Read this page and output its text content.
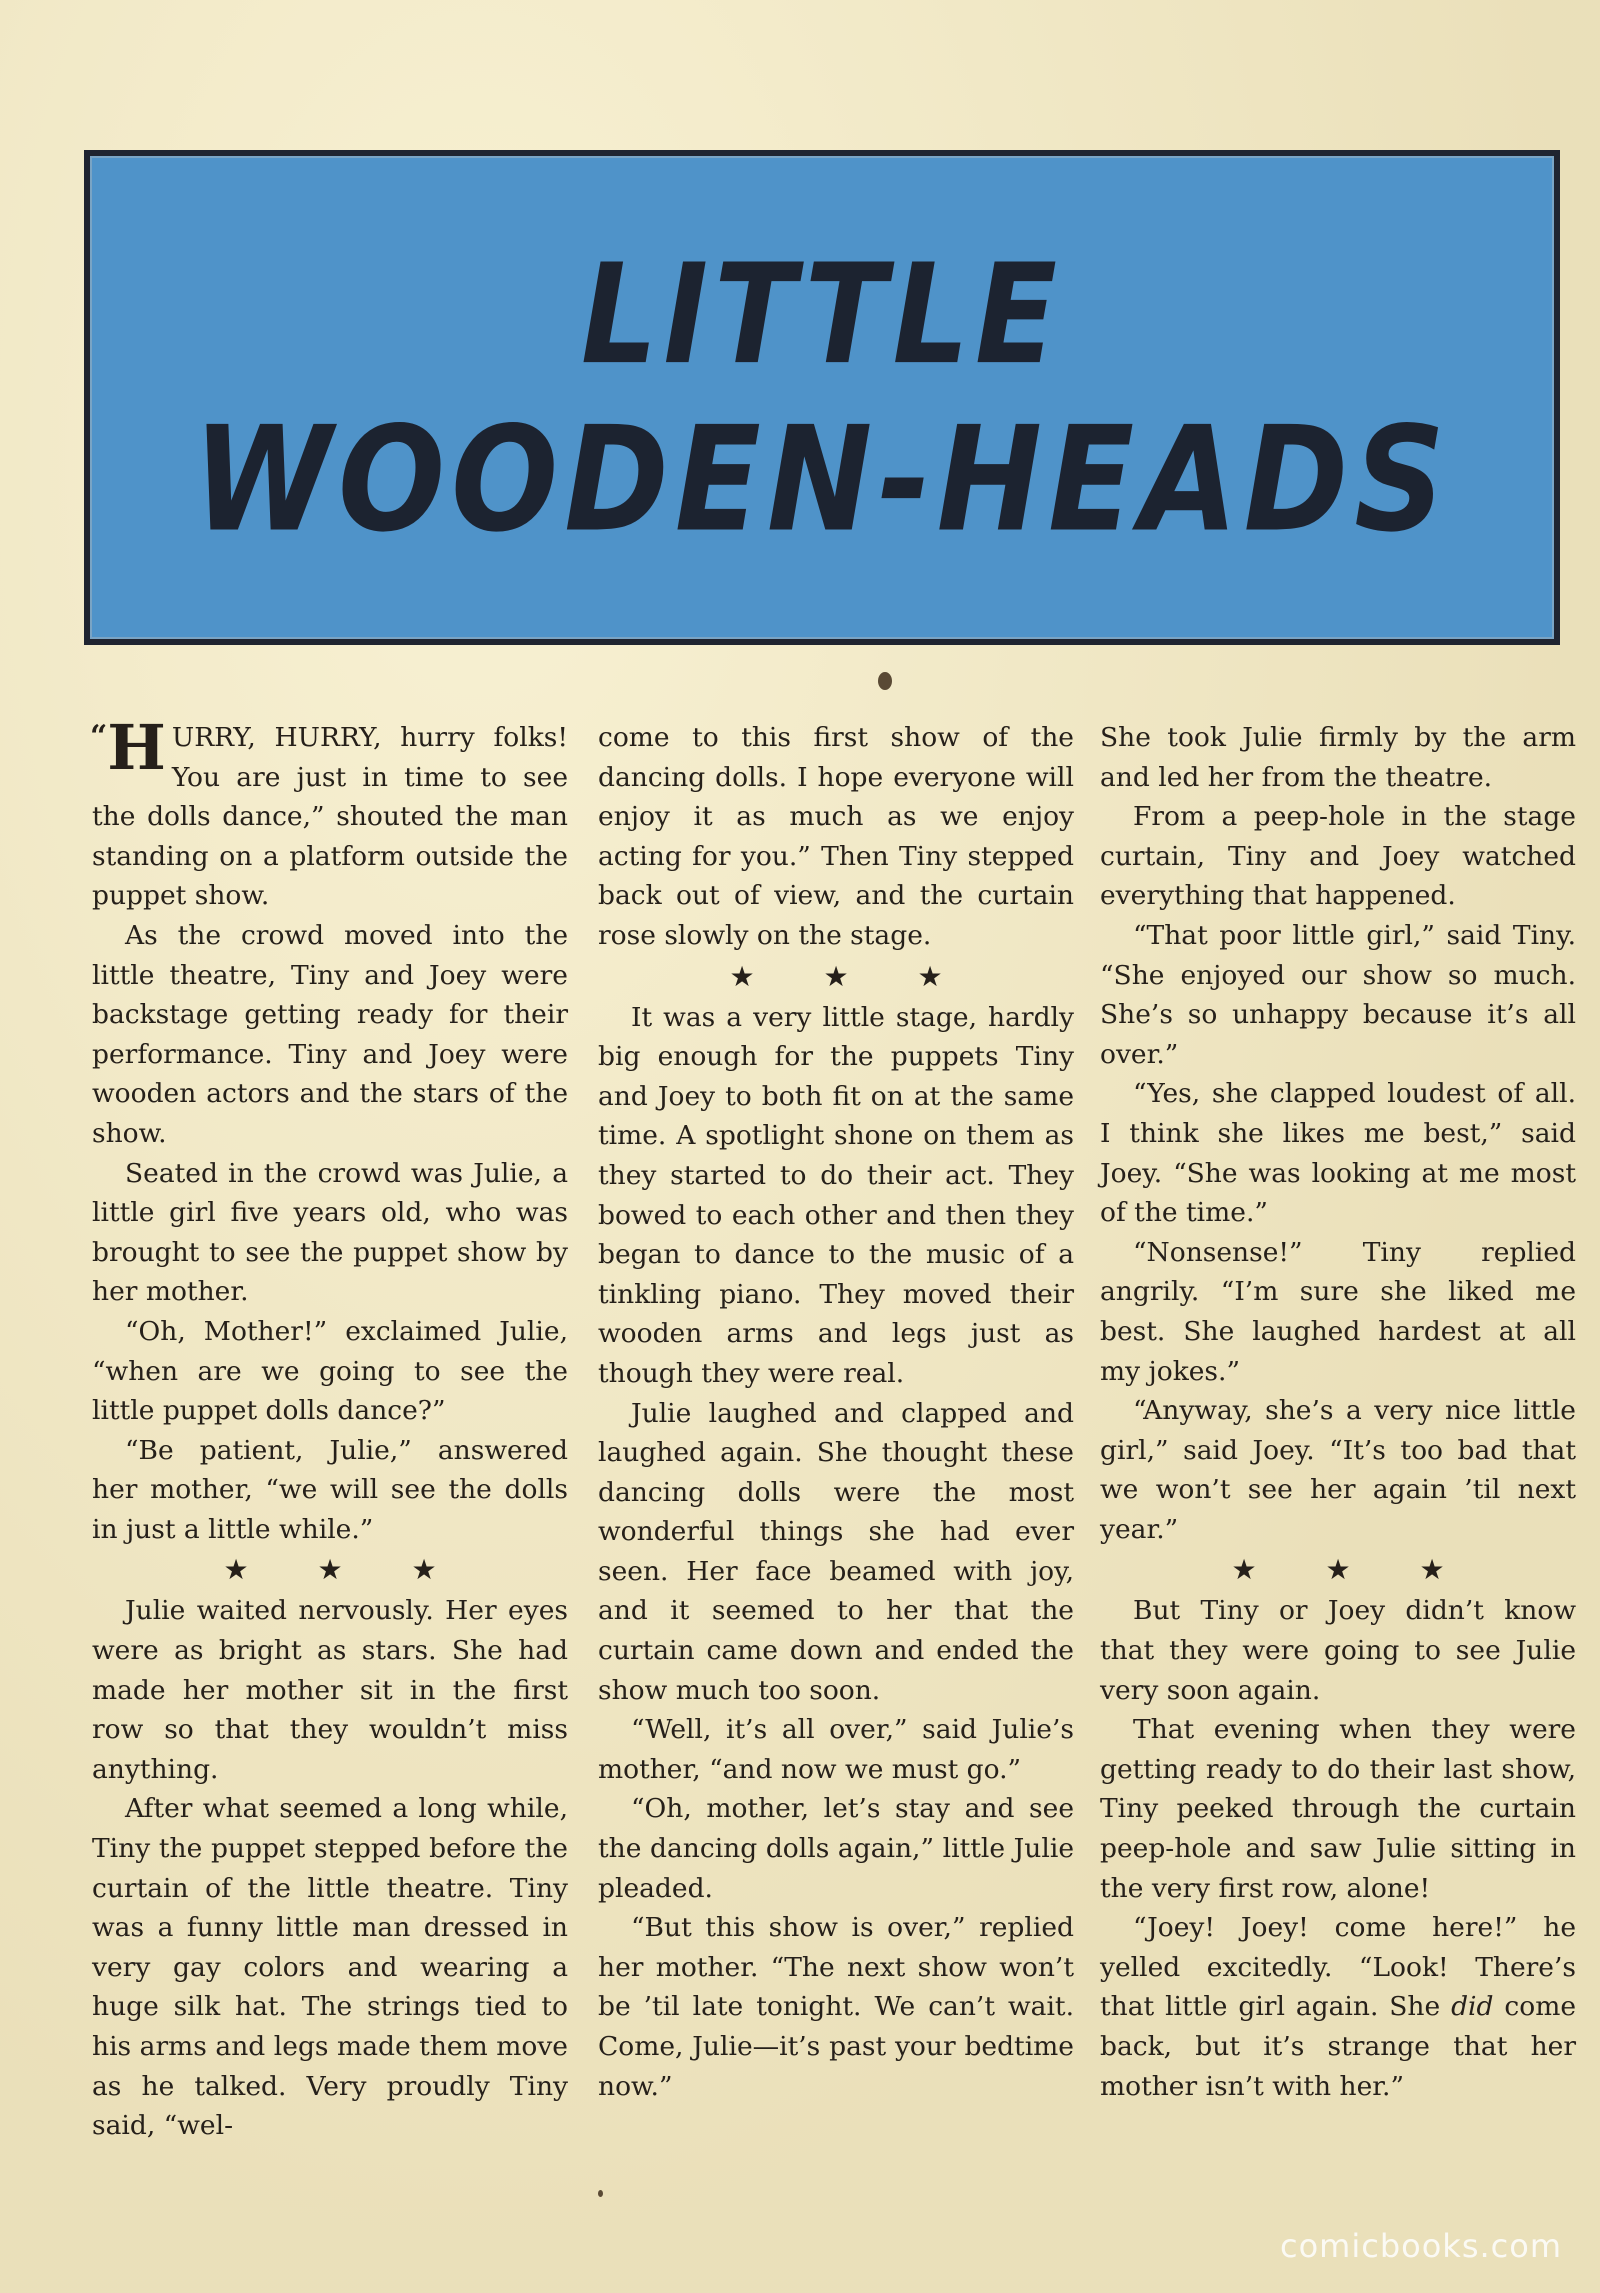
LITTLE
WOODEN-HEADS

“H URRY, HURRY, hurry folks! You are just in time to see the dolls dance,” shouted the man standing on a platform outside the puppet show.

As the crowd moved into the little theatre, Tiny and Joey were backstage getting ready for their performance. Tiny and Joey were wooden actors and the stars of the show.

Seated in the crowd was Julie, a little girl five years old, who was brought to see the puppet show by her mother.

“Oh, Mother!” exclaimed Julie, “when are we going to see the little puppet dolls dance?”

“Be patient, Julie,” answered her mother, “we will see the dolls in just a little while.”

★ ★ ★

Julie waited nervously. Her eyes were as bright as stars. She had made her mother sit in the first row so that they wouldn’t miss anything.

After what seemed a long while, Tiny the puppet stepped before the curtain of the little theatre. Tiny was a funny little man dressed in very gay colors and wearing a huge silk hat. The strings tied to his arms and legs made them move as he talked. Very proudly Tiny said, “wel-

come to this first show of the dancing dolls. I hope everyone will enjoy it as much as we enjoy acting for you.” Then Tiny stepped back out of view, and the curtain rose slowly on the stage.

★ ★ ★

It was a very little stage, hardly big enough for the puppets Tiny and Joey to both fit on at the same time. A spotlight shone on them as they started to do their act. They bowed to each other and then they began to dance to the music of a tinkling piano. They moved their wooden arms and legs just as though they were real.

Julie laughed and clapped and laughed again. She thought these dancing dolls were the most wonderful things she had ever seen. Her face beamed with joy, and it seemed to her that the curtain came down and ended the show much too soon.

“Well, it’s all over,” said Julie’s mother, “and now we must go.”

“Oh, mother, let’s stay and see the dancing dolls again,” little Julie pleaded.

“But this show is over,” replied her mother. “The next show won’t be ’til late tonight. We can’t wait. Come, Julie—it’s past your bedtime now.”

She took Julie firmly by the arm and led her from the theatre.

From a peep-hole in the stage curtain, Tiny and Joey watched everything that happened.

“That poor little girl,” said Tiny. “She enjoyed our show so much. She’s so unhappy because it’s all over.”

“Yes, she clapped loudest of all. I think she likes me best,” said Joey. “She was looking at me most of the time.”

“Nonsense!” Tiny replied angrily. “I’m sure she liked me best. She laughed hardest at all my jokes.”

“Anyway, she’s a very nice little girl,” said Joey. “It’s too bad that we won’t see her again ’til next year.”

★ ★ ★

But Tiny or Joey didn’t know that they were going to see Julie very soon again.

That evening when they were getting ready to do their last show, Tiny peeked through the curtain peep-hole and saw Julie sitting in the very first row, alone!

“Joey! Joey! come here!” he yelled excitedly. “Look! There’s that little girl again. She did come back, but it’s strange that her mother isn’t with her.”

comicbooks.com
